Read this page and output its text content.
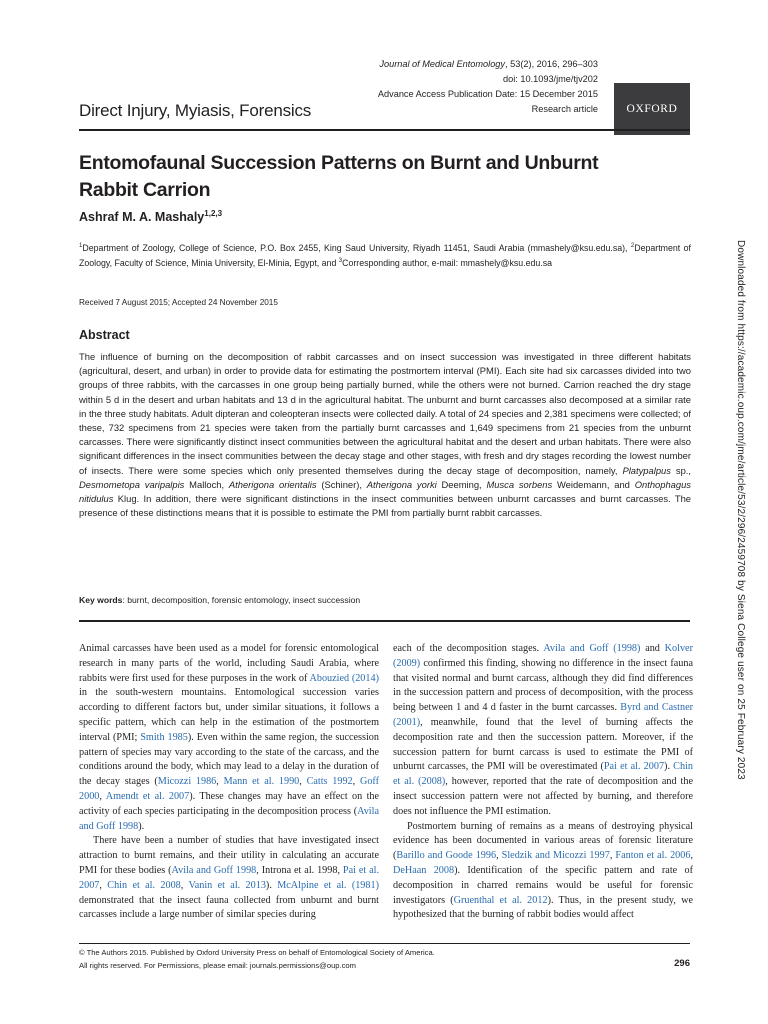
Journal of Medical Entomology, 53(2), 2016, 296–303
doi: 10.1093/jme/tjv202
Advance Access Publication Date: 15 December 2015
Research article OXFORD
Direct Injury, Myiasis, Forensics
Entomofaunal Succession Patterns on Burnt and Unburnt
Rabbit Carrion
Ashraf M. A. Mashaly$^{1,2,3}$
$^1$Department of Zoology, College of Science, P.O. Box 2455, King Saud University, Riyadh 11451, Saudi Arabia (mmashely@ksu.edu.sa), $^2$Department of Zoology, Faculty of Science, Minia University, El-Minia, Egypt, and $^3$Corresponding author, e-mail: mmashely@ksu.edu.sa
Received 7 August 2015; Accepted 24 November 2015
Abstract
The influence of burning on the decomposition of rabbit carcasses and on insect succession was investigated in three different habitats (agricultural, desert, and urban) in order to provide data for estimating the postmortem interval (PMI). Each site had six carcasses divided into two groups of three rabbits, with the carcasses in one group being partially burned, while the others were not burned. Carrion reached the dry stage within 5 d in the desert and urban habitats and 13 d in the agricultural habitat. The unburnt and burnt carcasses also decomposed at a similar rate in the three study habitats. Adult dipteran and coleopteran insects were collected daily. A total of 24 species and 2,381 specimens were collected; of these, 732 specimens from 21 species were taken from the partially burnt carcasses and 1,649 specimens from 21 species from the unburnt carcasses. There were significantly distinct insect communities between the agricultural habitat and the desert and urban habitats. There were also significant differences in the insect communities between the decay stage and other stages, with fresh and dry stages recording the lowest number of insects. There were some species which only presented themselves during the decay stage of decomposition, namely, Platypalpus sp., Desmometopa varipalpis Malloch, Atherigona orientalis (Schiner), Atherigona yorki Deeming, Musca sorbens Weidemann, and Onthophagus nitidulus Klug. In addition, there were significant distinctions in the insect communities between unburnt carcasses and burnt carcasses. The presence of these distinctions means that it is possible to estimate the PMI from partially burnt rabbit carcasses.
Key words: burnt, decomposition, forensic entomology, insect succession

Animal carcasses have been used as a model for forensic entomological research in many parts of the world, including Saudi Arabia, where rabbits were first used for these purposes in the work of Abouzied (2014) in the south-western mountains. Entomological succession varies according to different factors but, under similar situations, it follows a specific pattern, which can help in the estimation of the postmortem interval (PMI; Smith 1985). Even within the same region, the succession pattern of species may vary according to the state of the carcass, and the conditions around the body, which may lead to a delay in the duration of the decay stages (Micozzi 1986, Mann et al. 1990, Catts 1992, Goff 2000, Amendt et al. 2007). These changes may have an effect on the activity of each species participating in the decomposition process (Avila and Goff 1998).

There have been a number of studies that have investigated insect attraction to burnt remains, and their utility in calculating an accurate PMI for these bodies (Avila and Goff 1998, Introna et al. 1998, Pai et al. 2007, Chin et al. 2008, Vanin et al. 2013). McAlpine et al. (1981) demonstrated that the insect fauna collected from unburnt and burnt carcasses include a large number of similar species during

each of the decomposition stages. Avila and Goff (1998) and Kolver (2009) confirmed this finding, showing no difference in the insect fauna that visited normal and burnt carcass, although they did find differences in the succession pattern and process of decomposition, with the process being between 1 and 4 d faster in the burnt carcasses. Byrd and Castner (2001), meanwhile, found that the level of burning affects the decomposition rate and then the succession pattern. Moreover, if the succession pattern for burnt carcass is used to estimate the PMI of unburnt carcasses, the PMI will be overestimated (Pai et al. 2007). Chin et al. (2008), however, reported that the rate of decomposition and the insect succession pattern were not affected by burning, and therefore does not influence the PMI estimation.

Postmortem burning of remains as a means of destroying physical evidence has been documented in various areas of forensic literature (Barillo and Goode 1996, Sledzik and Micozzi 1997, Fanton et al. 2006, DeHaan 2008). Identification of the specific pattern and rate of decomposition in charred remains would be useful for forensic investigators (Gruenthal et al. 2012). Thus, in the present study, we hypothesized that the burning of rabbit bodies would affect

© The Authors 2015. Published by Oxford University Press on behalf of Entomological Society of America.
All rights reserved. For Permissions, please email: journals.permissions@oup.com	296
Downloaded from https://academic.oup.com/jme/article/53/2/296/2459708 by Siena College user on 25 February 2023
